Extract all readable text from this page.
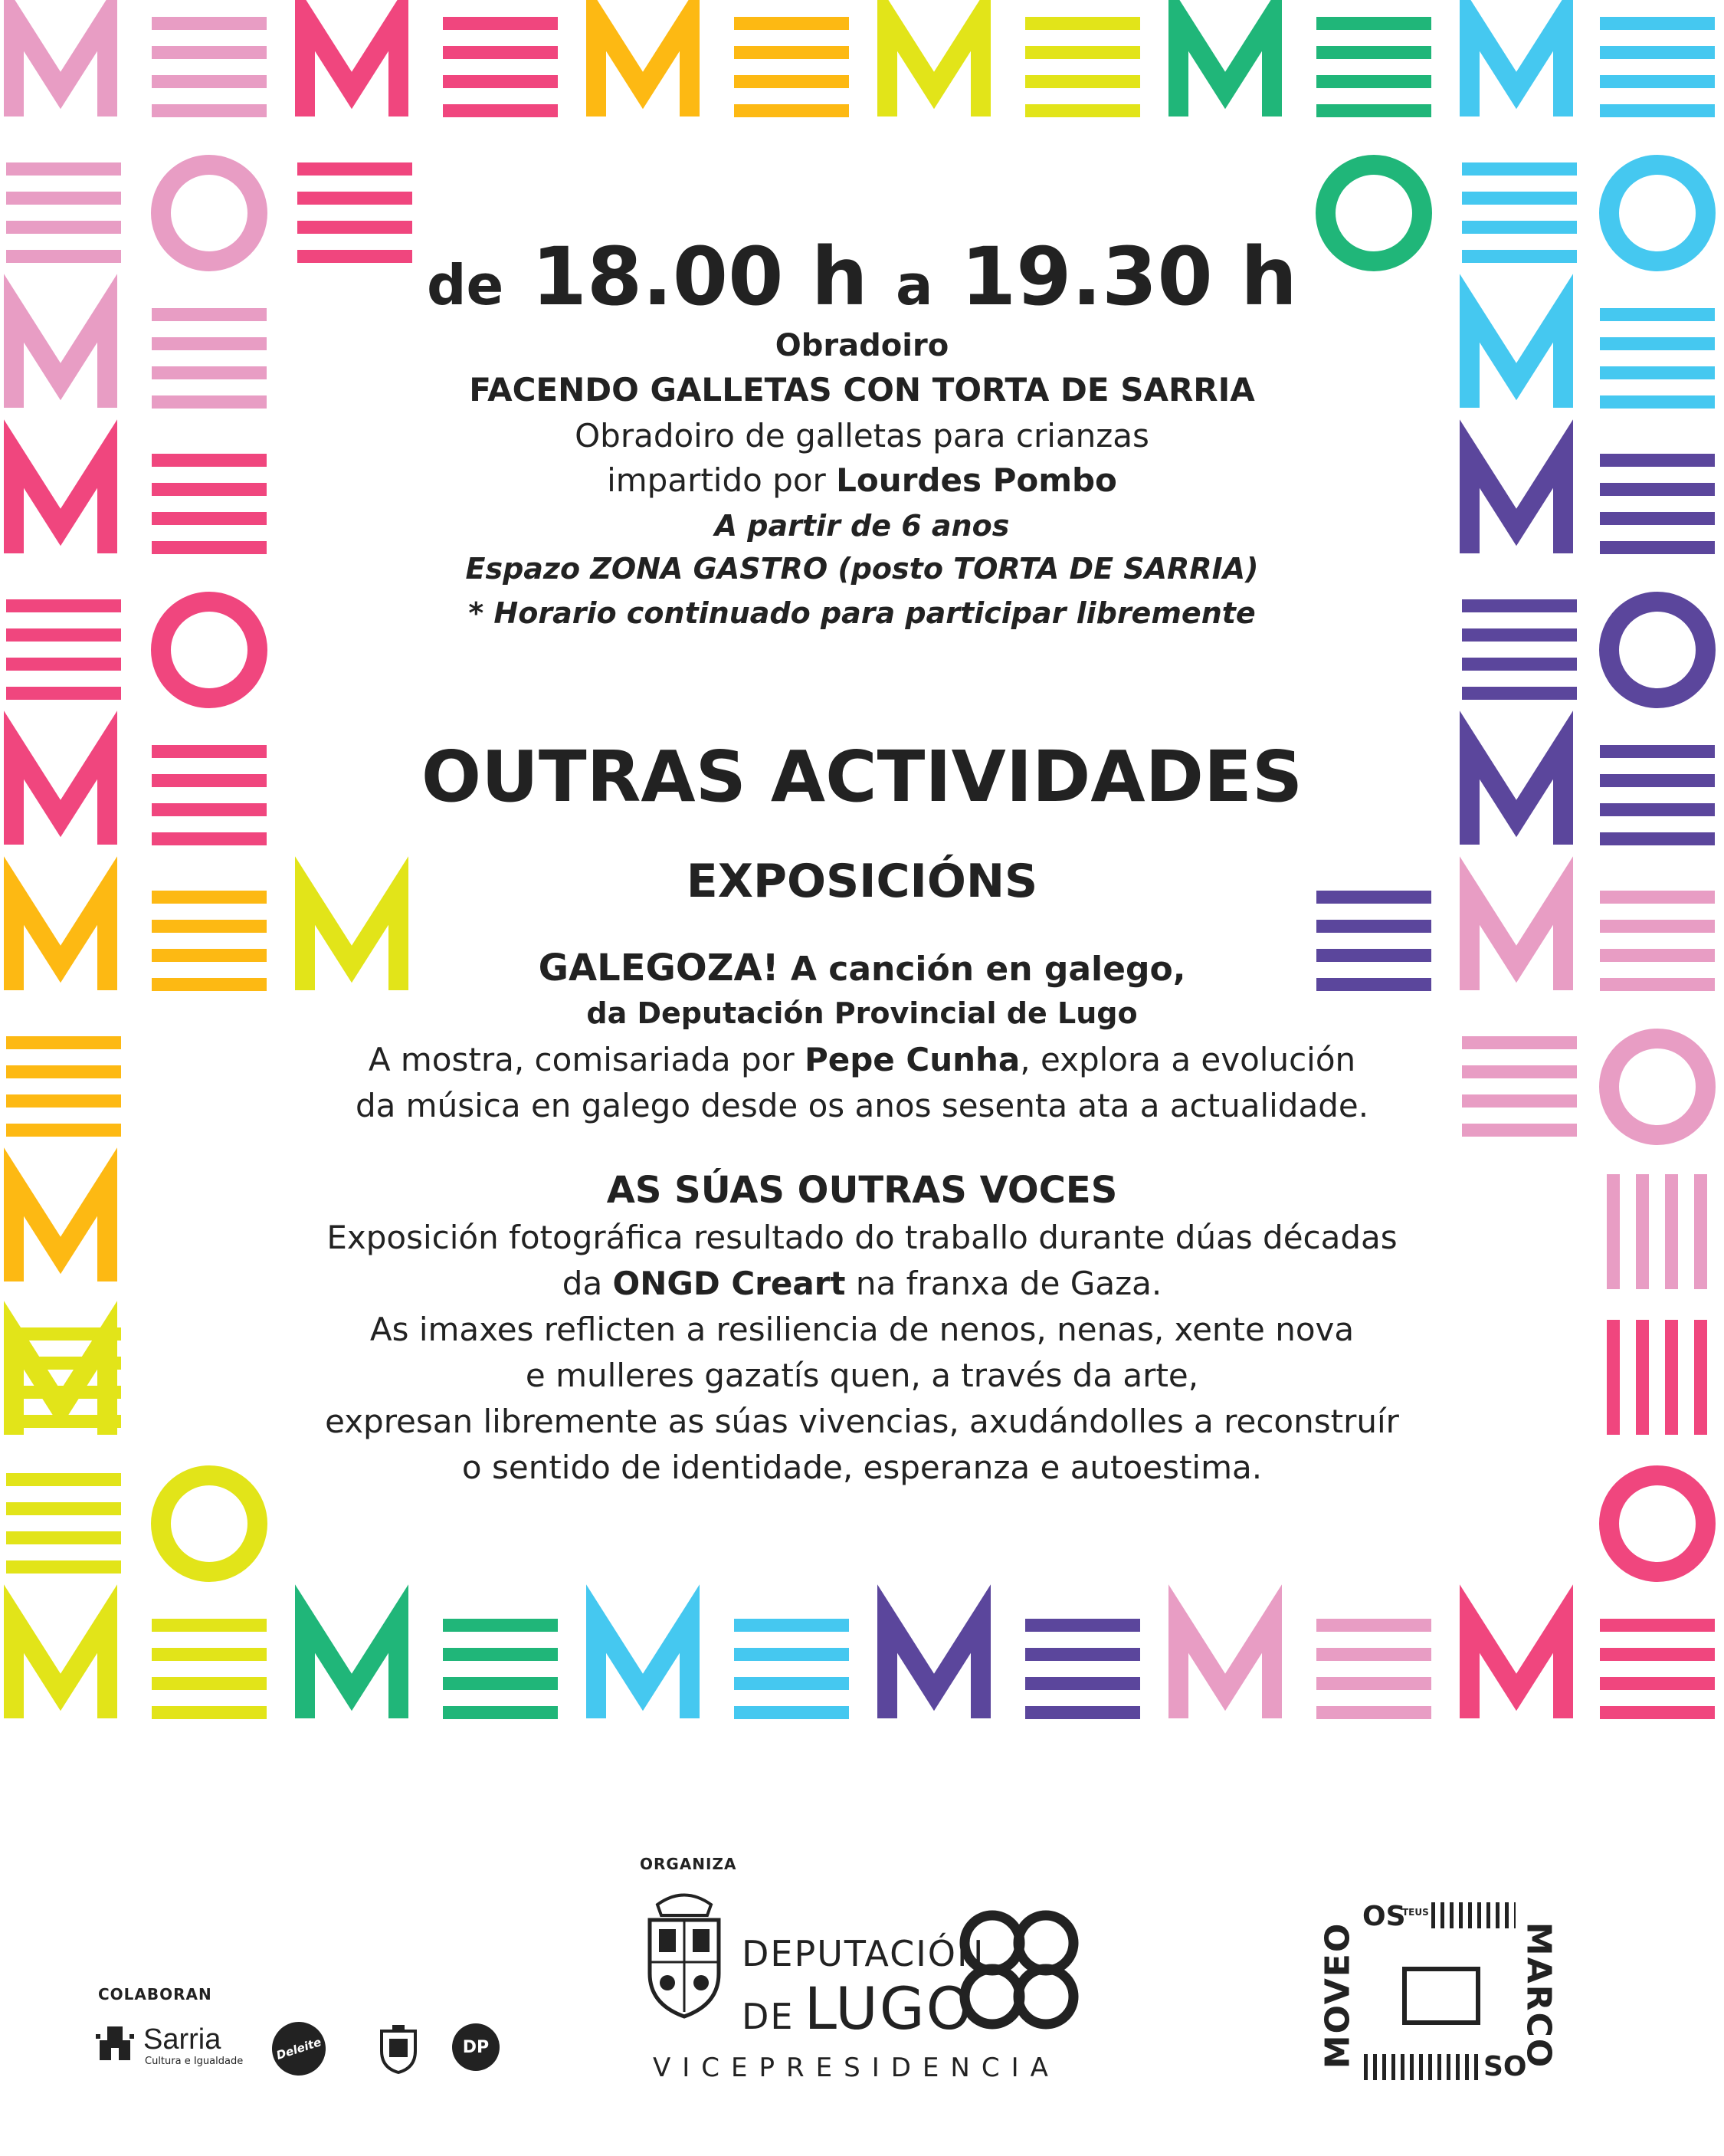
de 18.00 h a 19.30 h
Obradoiro
FACENDO GALLETAS CON TORTA DE SARRIA
Obradoiro de galletas para crianzas
impartido por Lourdes Pombo
A partir de 6 anos
Espazo ZONA GASTRO (posto TORTA DE SARRIA)
* Horario continuado para participar libremente
OUTRAS ACTIVIDADES
EXPOSICIÓNS
GALEGOZA! A canción en galego,
da Deputación Provincial de Lugo
A mostra, comisariada por Pepe Cunha, explora a evolución
da música en galego desde os anos sesenta ata a actualidade.
AS SÚAS OUTRAS VOCES
Exposición fotográfica resultado do traballo durante dúas décadas
da ONGD Creart na franxa de Gaza.
As imaxes reflicten a resiliencia de nenos, nenas, xente nova
e mulleres gazatís quen, a través da arte,
expresan libremente as súas vivencias, axudándolles a reconstruír
o sentido de identidade, esperanza e autoestima.
COLABORAN
Sarria
Cultura e Igualdade	Deleite	DP
ORGANIZA
DEPUTACIÓN
DE LUGO
VICEPRESIDENCIA	MOVEO	MARCO
OS
TEUS
SO
